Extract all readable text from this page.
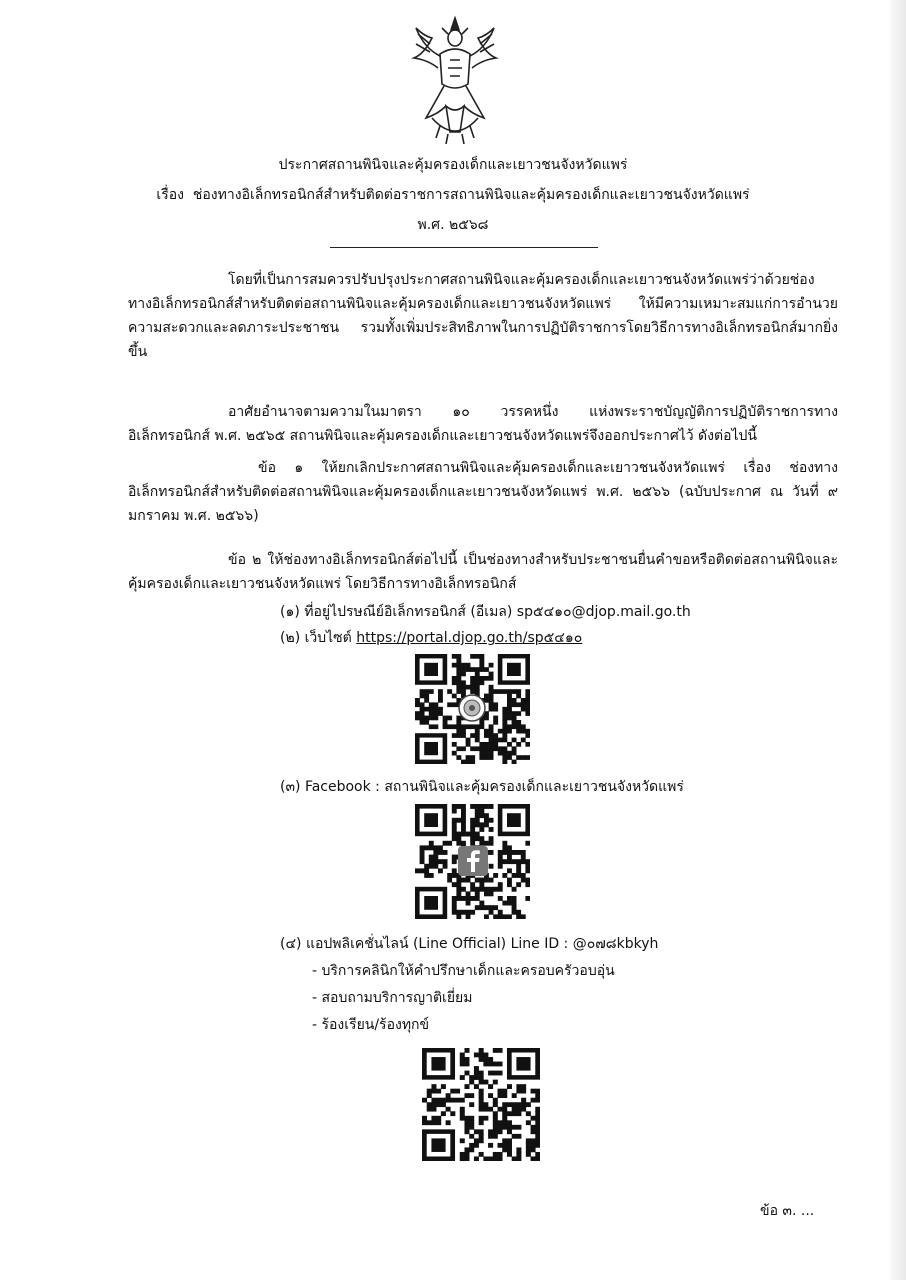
ประกาศสถานพินิจและคุ้มครองเด็กและเยาวชนจังหวัดแพร่
เรื่อง ช่องทางอิเล็กทรอนิกส์สำหรับติดต่อราชการสถานพินิจและคุ้มครองเด็กและเยาวชนจังหวัดแพร่
พ.ศ. ๒๕๖๘

โดยที่เป็นการสมควรปรับปรุงประกาศสถานพินิจและคุ้มครองเด็กและเยาวชนจังหวัดแพร่ว่าด้วยช่องทางอิเล็กทรอนิกส์สำหรับติดต่อสถานพินิจและคุ้มครองเด็กและเยาวชนจังหวัดแพร่ ให้มีความเหมาะสมแก่การอำนวยความสะดวกและลดภาระประชาชน รวมทั้งเพิ่มประสิทธิภาพในการปฏิบัติราชการโดยวิธีการทางอิเล็กทรอนิกส์มากยิ่งขึ้น

อาศัยอำนาจตามความในมาตรา ๑๐ วรรคหนึ่ง แห่งพระราชบัญญัติการปฏิบัติราชการทางอิเล็กทรอนิกส์ พ.ศ. ๒๕๖๕ สถานพินิจและคุ้มครองเด็กและเยาวชนจังหวัดแพร่จึงออกประกาศไว้ ดังต่อไปนี้

ข้อ ๑ ให้ยกเลิกประกาศสถานพินิจและคุ้มครองเด็กและเยาวชนจังหวัดแพร่ เรื่อง ช่องทางอิเล็กทรอนิกส์สำหรับติดต่อสถานพินิจและคุ้มครองเด็กและเยาวชนจังหวัดแพร่ พ.ศ. ๒๕๖๖ (ฉบับประกาศ ณ วันที่ ๙ มกราคม พ.ศ. ๒๕๖๖)

ข้อ ๒ ให้ช่องทางอิเล็กทรอนิกส์ต่อไปนี้ เป็นช่องทางสำหรับประชาชนยื่นคำขอหรือติดต่อสถานพินิจและคุ้มครองเด็กและเยาวชนจังหวัดแพร่ โดยวิธีการทางอิเล็กทรอนิกส์

(๑) ที่อยู่ไปรษณีย์อิเล็กทรอนิกส์ (อีเมล) sp๕๔๑๐@djop.mail.go.th
(๒) เว็บไซต์ https://portal.djop.go.th/sp๕๔๑๐
(๓) Facebook : สถานพินิจและคุ้มครองเด็กและเยาวชนจังหวัดแพร่
(๔) แอปพลิเคชั่นไลน์ (Line Official) Line ID : @๐๗๘kbkyh
- บริการคลินิกให้คำปรึกษาเด็กและครอบครัวอบอุ่น
- สอบถามบริการญาติเยี่ยม
- ร้องเรียน/ร้องทุกข์
ข้อ ๓. ...
